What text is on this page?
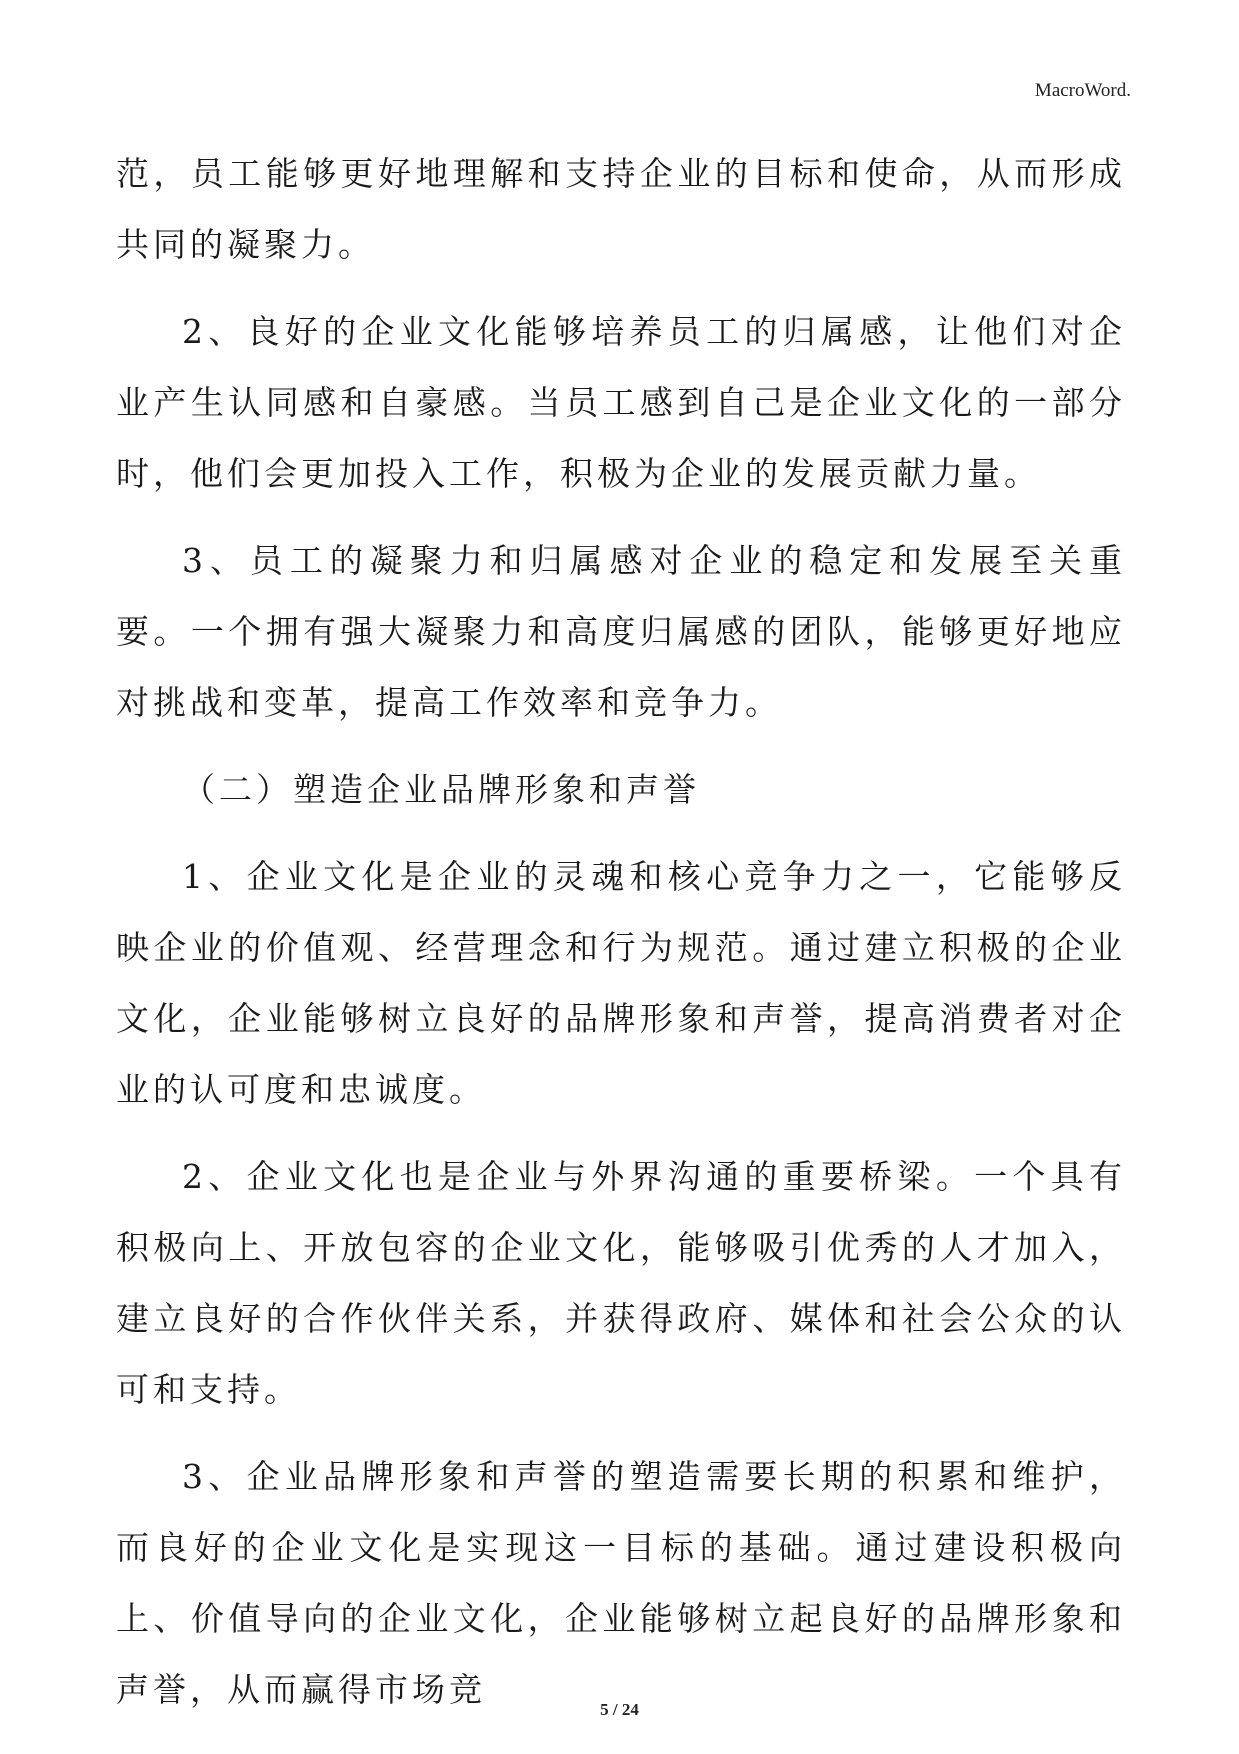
MacroWord.

范，员工能够更好地理解和支持企业的目标和使命，从而形成共同的凝聚力。

2、良好的企业文化能够培养员工的归属感，让他们对企业产生认同感和自豪感。当员工感到自己是企业文化的一部分时，他们会更加投入工作，积极为企业的发展贡献力量。

3、员工的凝聚力和归属感对企业的稳定和发展至关重要。一个拥有强大凝聚力和高度归属感的团队，能够更好地应对挑战和变革，提高工作效率和竞争力。

（二）塑造企业品牌形象和声誉

1、企业文化是企业的灵魂和核心竞争力之一，它能够反映企业的价值观、经营理念和行为规范。通过建立积极的企业文化，企业能够树立良好的品牌形象和声誉，提高消费者对企业的认可度和忠诚度。

2、企业文化也是企业与外界沟通的重要桥梁。一个具有积极向上、开放包容的企业文化，能够吸引优秀的人才加入，建立良好的合作伙伴关系，并获得政府、媒体和社会公众的认可和支持。

3、企业品牌形象和声誉的塑造需要长期的积累和维护，而良好的企业文化是实现这一目标的基础。通过建设积极向上、价值导向的企业文化，企业能够树立起良好的品牌形象和声誉，从而赢得市场竞

5 / 24
